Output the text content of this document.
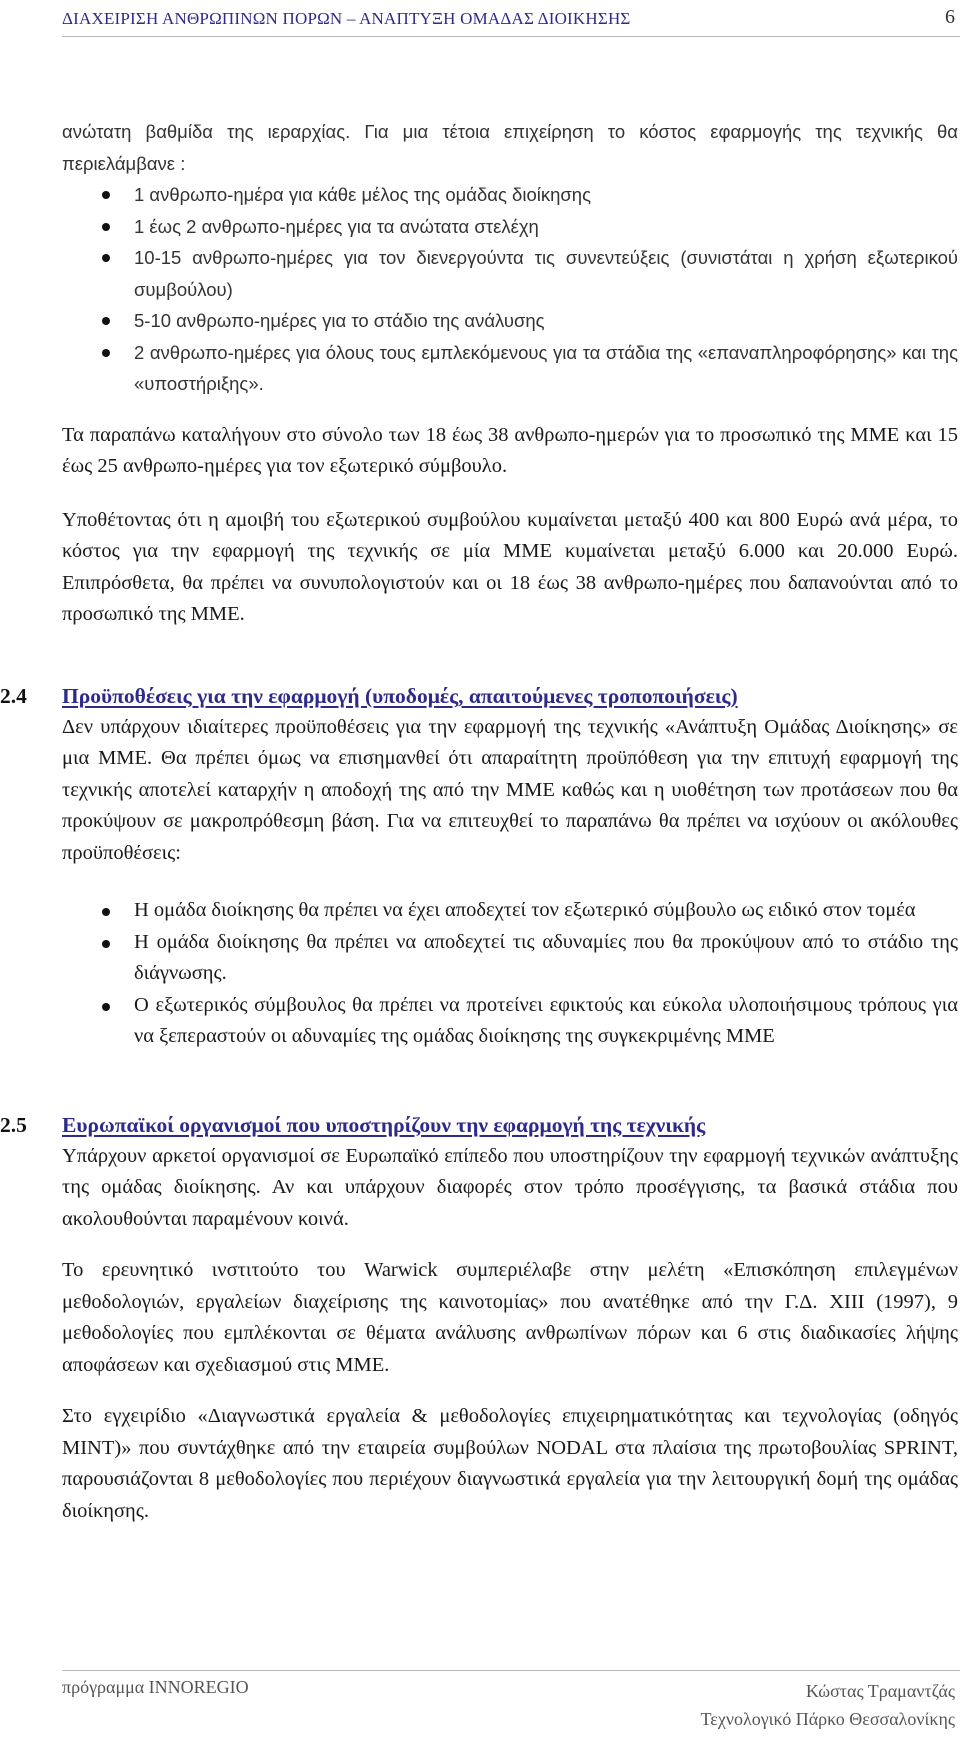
ΔΙΑΧΕΙΡΙΣΗ ΑΝΘΡΩΠΙΝΩΝ ΠΟΡΩΝ – ΑΝΑΠΤΥΞΗ ΟΜΑΔΑΣ ΔΙΟΙΚΗΣΗΣ	6

ανώτατη βαθμίδα της ιεραρχίας. Για μια τέτοια επιχείρηση το κόστος εφαρμογής της τεχνικής θα περιελάμβανε :

1 ανθρωπο-ημέρα για κάθε μέλος της ομάδας διοίκησης
1 έως 2 ανθρωπο-ημέρες για τα ανώτατα στελέχη
10-15 ανθρωπο-ημέρες για τον διενεργούντα τις συνεντεύξεις (συνιστάται η χρήση εξωτερικού συμβούλου)
5-10 ανθρωπο-ημέρες για το στάδιο της ανάλυσης
2 ανθρωπο-ημέρες για όλους τους εμπλεκόμενους για τα στάδια της «επαναπληροφόρησης» και της «υποστήριξης».

Τα παραπάνω καταλήγουν στο σύνολο των 18 έως 38 ανθρωπο-ημερών για το προσωπικό της ΜΜΕ και 15 έως 25 ανθρωπο-ημέρες για τον εξωτερικό σύμβουλο.

Υποθέτοντας ότι η αμοιβή του εξωτερικού συμβούλου κυμαίνεται μεταξύ 400 και 800 Ευρώ ανά μέρα, το κόστος για την εφαρμογή της τεχνικής σε μία ΜΜΕ κυμαίνεται μεταξύ 6.000 και 20.000 Ευρώ. Επιπρόσθετα, θα πρέπει να συνυπολογιστούν και οι 18 έως 38 ανθρωπο-ημέρες που δαπανούνται από το προσωπικό της ΜΜΕ.

2.4 Προϋποθέσεις για την εφαρμογή (υποδομές, απαιτούμενες τροποποιήσεις)

Δεν υπάρχουν ιδιαίτερες προϋποθέσεις για την εφαρμογή της τεχνικής «Ανάπτυξη Ομάδας Διοίκησης» σε μια ΜΜΕ. Θα πρέπει όμως να επισημανθεί ότι απαραίτητη προϋπόθεση για την επιτυχή εφαρμογή της τεχνικής αποτελεί καταρχήν η αποδοχή της από την ΜΜΕ καθώς και η υιοθέτηση των προτάσεων που θα προκύψουν σε μακροπρόθεσμη βάση. Για να επιτευχθεί το παραπάνω θα πρέπει να ισχύουν οι ακόλουθες προϋποθέσεις:

Η ομάδα διοίκησης θα πρέπει να έχει αποδεχτεί τον εξωτερικό σύμβουλο ως ειδικό στον τομέα
Η ομάδα διοίκησης θα πρέπει να αποδεχτεί τις αδυναμίες που θα προκύψουν από το στάδιο της διάγνωσης.
Ο εξωτερικός σύμβουλος θα πρέπει να προτείνει εφικτούς και εύκολα υλοποιήσιμους τρόπους για να ξεπεραστούν οι αδυναμίες της ομάδας διοίκησης της συγκεκριμένης ΜΜΕ
2.5 Ευρωπαϊκοί οργανισμοί που υποστηρίζουν την εφαρμογή της τεχνικής

Υπάρχουν αρκετοί οργανισμοί σε Ευρωπαϊκό επίπεδο που υποστηρίζουν την εφαρμογή τεχνικών ανάπτυξης της ομάδας διοίκησης. Αν και υπάρχουν διαφορές στον τρόπο προσέγγισης, τα βασικά στάδια που ακολουθούνται παραμένουν κοινά.

Το ερευνητικό ινστιτούτο του Warwick συμπεριέλαβε στην μελέτη «Επισκόπηση επιλεγμένων μεθοδολογιών, εργαλείων διαχείρισης της καινοτομίας» που ανατέθηκε από την Γ.Δ. ΧΙΙΙ (1997), 9 μεθοδολογίες που εμπλέκονται σε θέματα ανάλυσης ανθρωπίνων πόρων και 6 στις διαδικασίες λήψης αποφάσεων και σχεδιασμού στις ΜΜΕ.

Στο εγχειρίδιο «Διαγνωστικά εργαλεία & μεθοδολογίες επιχειρηματικότητας και τεχνολογίας (οδηγός MINT)» που συντάχθηκε από την εταιρεία συμβούλων NODAL στα πλαίσια της πρωτοβουλίας SPRINT, παρουσιάζονται 8 μεθοδολογίες που περιέχουν διαγνωστικά εργαλεία για την λειτουργική δομή της ομάδας διοίκησης.

πρόγραμμα INNOREGIO	Κώστας Τραμαντζάς
Τεχνολογικό Πάρκο Θεσσαλονίκης
